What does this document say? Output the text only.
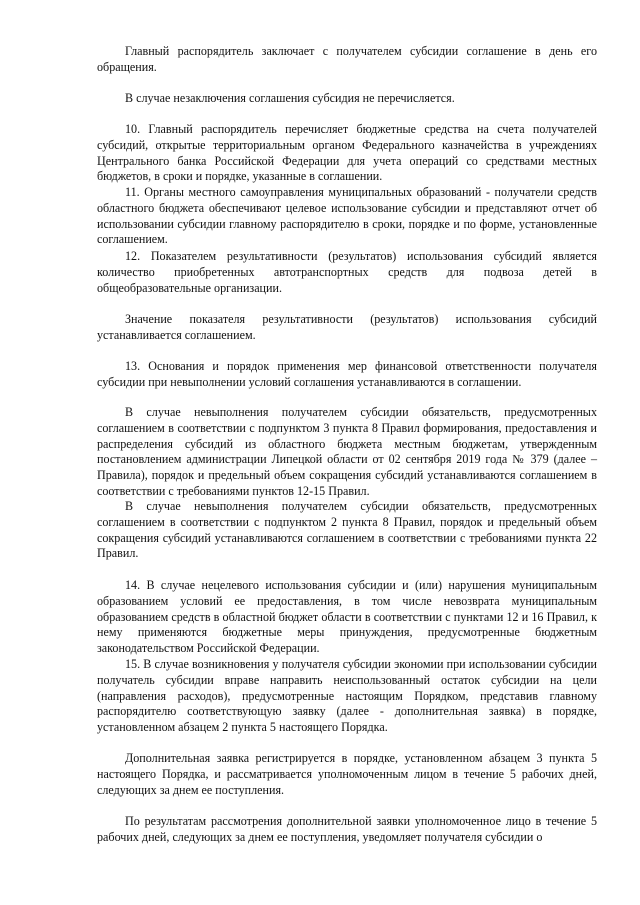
Главный распорядитель заключает с получателем субсидии соглашение в день его обращения.

В случае незаключения соглашения субсидия не перечисляется.

10. Главный распорядитель перечисляет бюджетные средства на счета получателей субсидий, открытые территориальным органом Федерального казначейства в учреждениях Центрального банка Российской Федерации для учета операций со средствами местных бюджетов, в сроки и порядке, указанные в соглашении.

11. Органы местного самоуправления муниципальных образований - получатели средств областного бюджета обеспечивают целевое использование субсидии и представляют отчет об использовании субсидии главному распорядителю в сроки, порядке и по форме, установленные соглашением.

12. Показателем результативности (результатов) использования субсидий является количество приобретенных автотранспортных средств для подвоза детей в общеобразовательные организации.

Значение показателя результативности (результатов) использования субсидий устанавливается соглашением.

13. Основания и порядок применения мер финансовой ответственности получателя субсидии при невыполнении условий соглашения устанавливаются в соглашении.

В случае невыполнения получателем субсидии обязательств, предусмотренных соглашением в соответствии с подпунктом 3 пункта 8 Правил формирования, предоставления и распределения субсидий из областного бюджета местным бюджетам, утвержденным постановлением администрации Липецкой области от 02 сентября 2019 года № 379 (далее – Правила), порядок и предельный объем сокращения субсидий устанавливаются соглашением в соответствии с требованиями пунктов 12-15 Правил.

В случае невыполнения получателем субсидии обязательств, предусмотренных соглашением в соответствии с подпунктом 2 пункта 8 Правил, порядок и предельный объем сокращения субсидий устанавливаются соглашением в соответствии с требованиями пункта 22 Правил.

14. В случае нецелевого использования субсидии и (или) нарушения муниципальным образованием условий ее предоставления, в том числе невозврата муниципальным образованием средств в областной бюджет области в соответствии с пунктами 12 и 16 Правил, к нему применяются бюджетные меры принуждения, предусмотренные бюджетным законодательством Российской Федерации.

15. В случае возникновения у получателя субсидии экономии при использовании субсидии получатель субсидии вправе направить неиспользованный остаток субсидии на цели (направления расходов), предусмотренные настоящим Порядком, представив главному распорядителю соответствующую заявку (далее - дополнительная заявка) в порядке, установленном абзацем 2 пункта 5 настоящего Порядка.

Дополнительная заявка регистрируется в порядке, установленном абзацем 3 пункта 5 настоящего Порядка, и рассматривается уполномоченным лицом в течение 5 рабочих дней, следующих за днем ее поступления.

По результатам рассмотрения дополнительной заявки уполномоченное лицо в течение 5 рабочих дней, следующих за днем ее поступления, уведомляет получателя субсидии о
